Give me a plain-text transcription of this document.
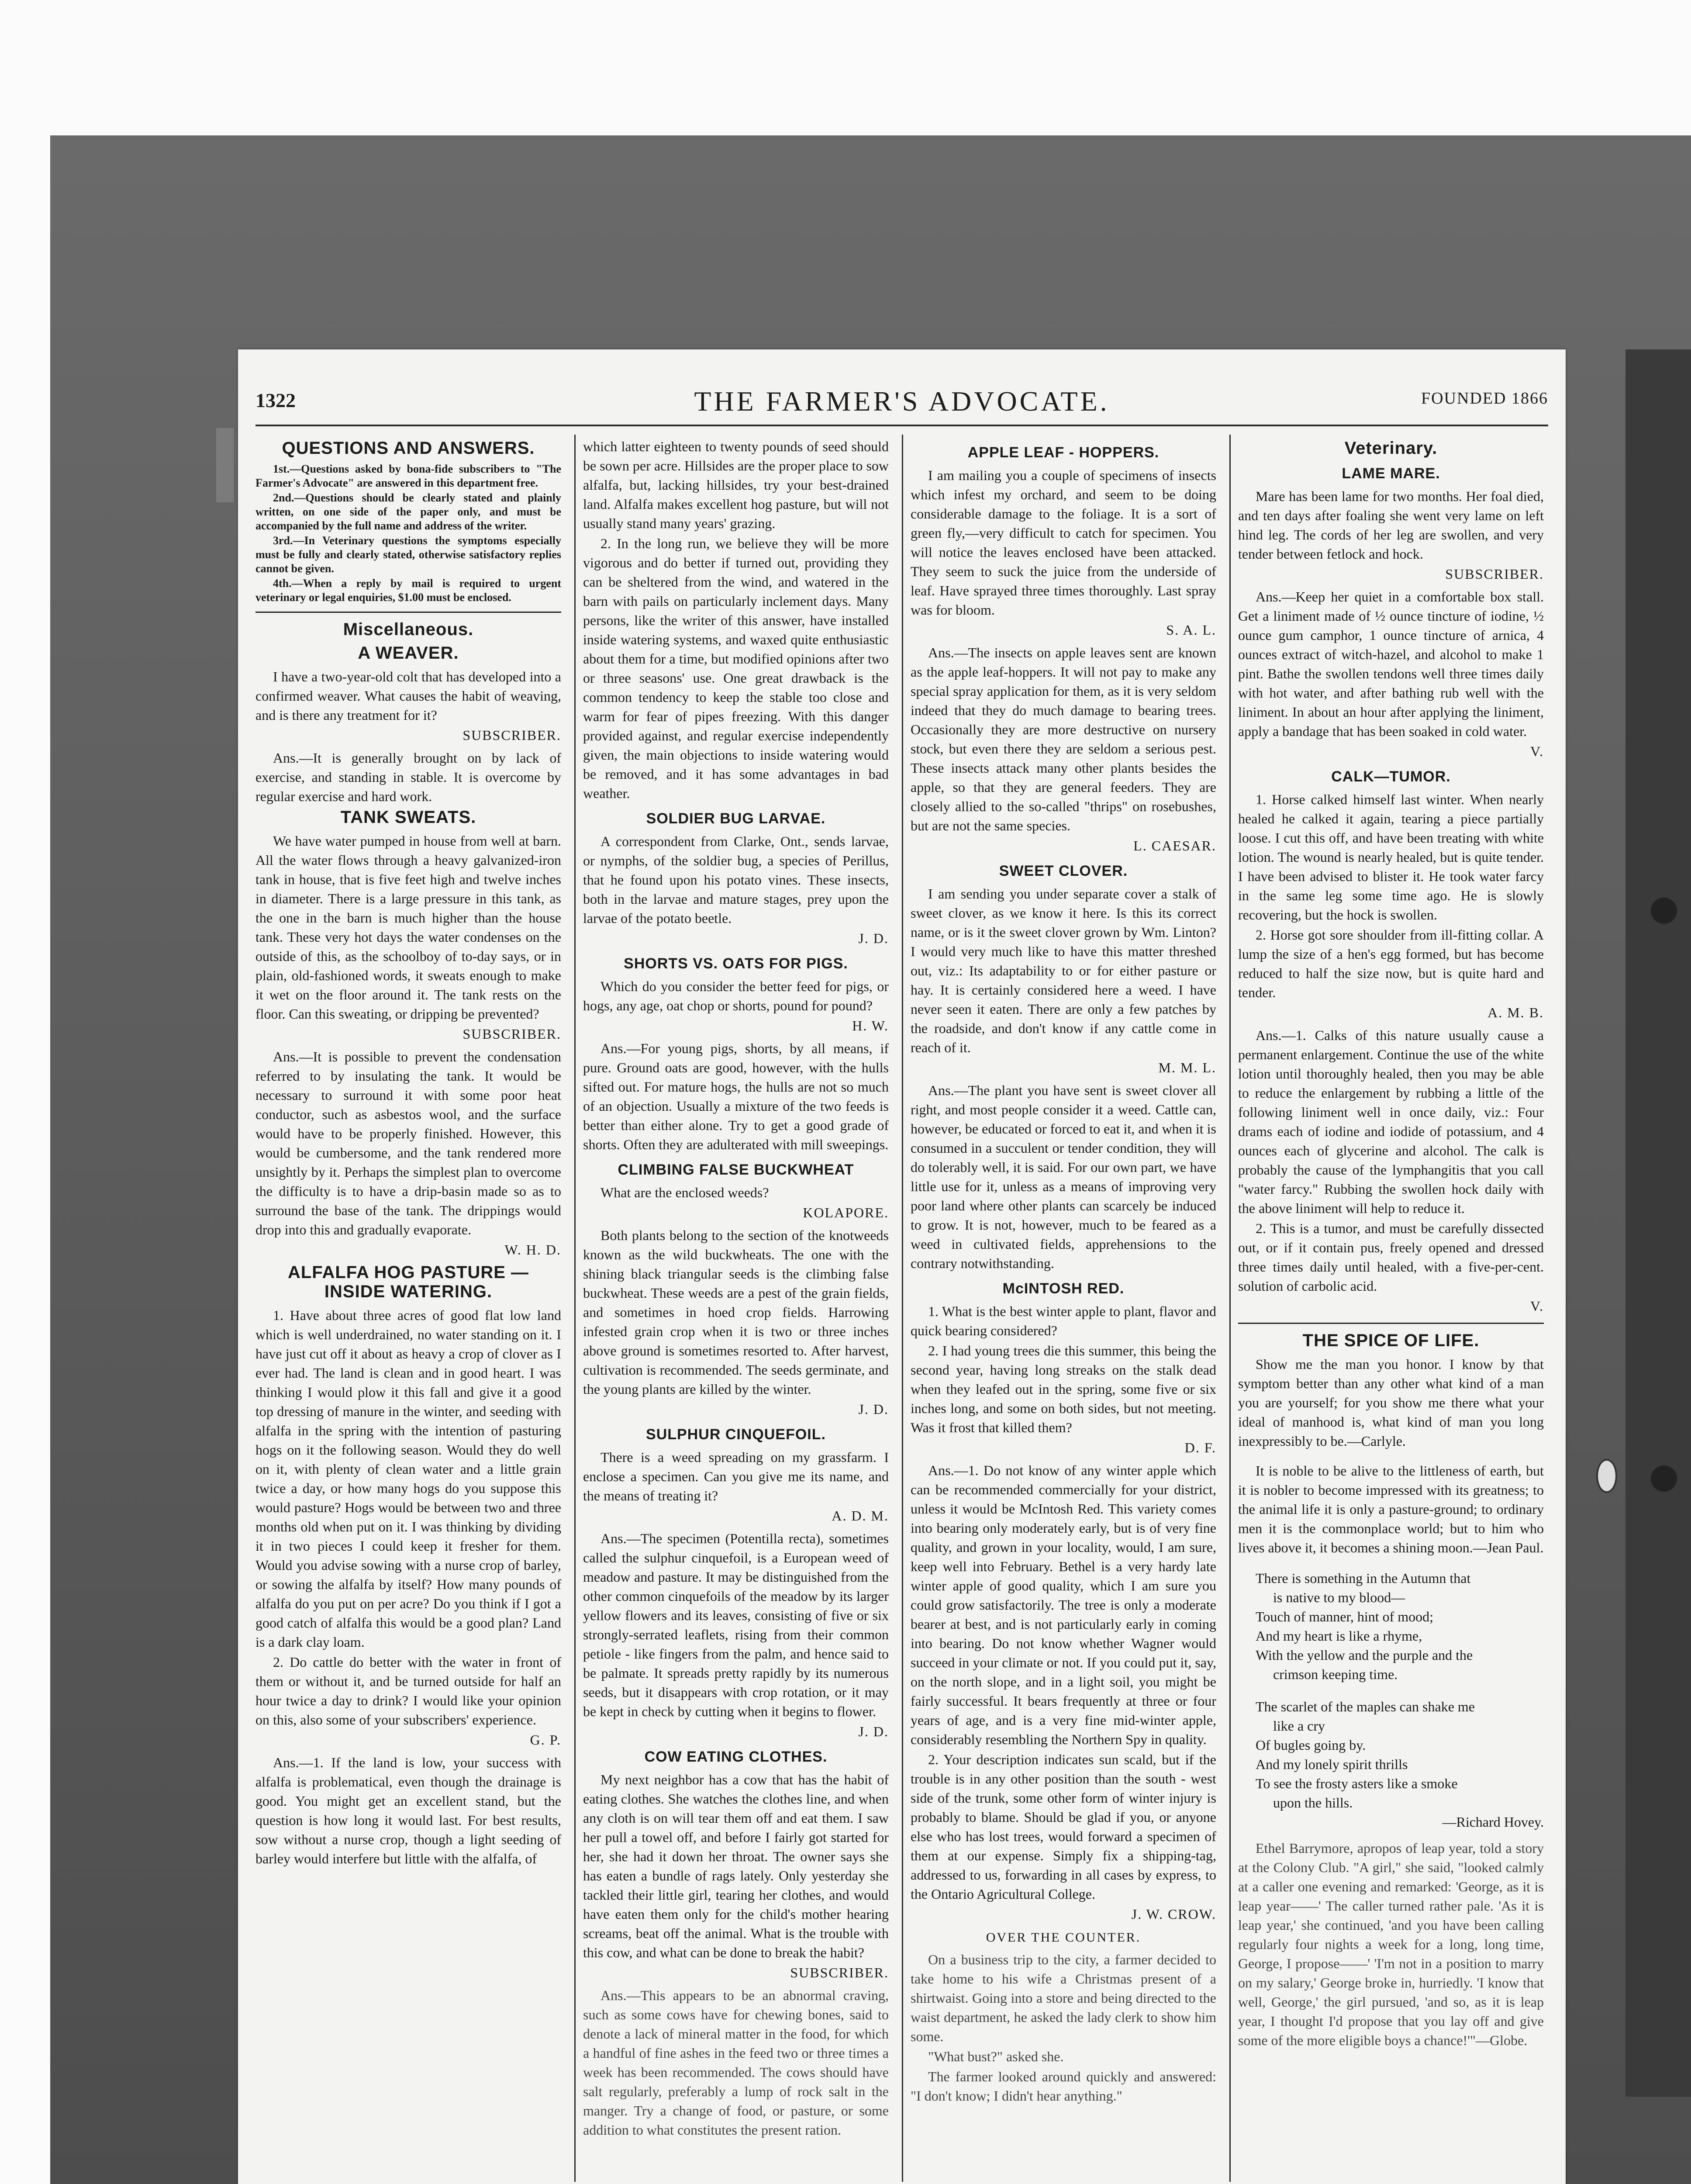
1322	THE FARMER'S ADVOCATE.	FOUNDED 1866
QUESTIONS AND ANSWERS.

1st.—Questions asked by bona-fide subscribers to "The Farmer's Advocate" are answered in this department free.

2nd.—Questions should be clearly stated and plainly written, on one side of the paper only, and must be accompanied by the full name and address of the writer.

3rd.—In Veterinary questions the symptoms especially must be fully and clearly stated, otherwise satisfactory replies cannot be given.

4th.—When a reply by mail is required to urgent veterinary or legal enquiries, $1.00 must be enclosed.

Miscellaneous.
A WEAVER.

I have a two-year-old colt that has developed into a confirmed weaver. What causes the habit of weaving, and is there any treatment for it?

SUBSCRIBER.

Ans.—It is generally brought on by lack of exercise, and standing in stable. It is overcome by regular exercise and hard work.

TANK SWEATS.

We have water pumped in house from well at barn. All the water flows through a heavy galvanized-iron tank in house, that is five feet high and twelve inches in diameter. There is a large pressure in this tank, as the one in the barn is much higher than the house tank. These very hot days the water condenses on the outside of this, as the schoolboy of to-day says, or in plain, old-fashioned words, it sweats enough to make it wet on the floor around it. The tank rests on the floor. Can this sweating, or dripping be prevented?

SUBSCRIBER.

Ans.—It is possible to prevent the condensation referred to by insulating the tank. It would be necessary to surround it with some poor heat conductor, such as asbestos wool, and the surface would have to be properly finished. However, this would be cumbersome, and the tank rendered more unsightly by it. Perhaps the simplest plan to overcome the difficulty is to have a drip-basin made so as to surround the base of the tank. The drippings would drop into this and gradually evaporate.

W. H. D.
ALFALFA HOG PASTURE — INSIDE WATERING.

1. Have about three acres of good flat low land which is well underdrained, no water standing on it. I have just cut off it about as heavy a crop of clover as I ever had. The land is clean and in good heart. I was thinking I would plow it this fall and give it a good top dressing of manure in the winter, and seeding with alfalfa in the spring with the intention of pasturing hogs on it the following season. Would they do well on it, with plenty of clean water and a little grain twice a day, or how many hogs do you suppose this would pasture? Hogs would be between two and three months old when put on it. I was thinking by dividing it in two pieces I could keep it fresher for them. Would you advise sowing with a nurse crop of barley, or sowing the alfalfa by itself? How many pounds of alfalfa do you put on per acre? Do you think if I got a good catch of alfalfa this would be a good plan? Land is a dark clay loam.

2. Do cattle do better with the water in front of them or without it, and be turned outside for half an hour twice a day to drink? I would like your opinion on this, also some of your subscribers' experience.

G. P.

Ans.—1. If the land is low, your success with alfalfa is problematical, even though the drainage is good. You might get an excellent stand, but the question is how long it would last. For best results, sow without a nurse crop, though a light seeding of barley would interfere but little with the alfalfa, of

which latter eighteen to twenty pounds of seed should be sown per acre. Hillsides are the proper place to sow alfalfa, but, lacking hillsides, try your best-drained land. Alfalfa makes excellent hog pasture, but will not usually stand many years' grazing.

2. In the long run, we believe they will be more vigorous and do better if turned out, providing they can be sheltered from the wind, and watered in the barn with pails on particularly inclement days. Many persons, like the writer of this answer, have installed inside watering systems, and waxed quite enthusiastic about them for a time, but modified opinions after two or three seasons' use. One great drawback is the common tendency to keep the stable too close and warm for fear of pipes freezing. With this danger provided against, and regular exercise independently given, the main objections to inside watering would be removed, and it has some advantages in bad weather.

SOLDIER BUG LARVAE.

A correspondent from Clarke, Ont., sends larvae, or nymphs, of the soldier bug, a species of Perillus, that he found upon his potato vines. These insects, both in the larvae and mature stages, prey upon the larvae of the potato beetle.

J. D.
SHORTS VS. OATS FOR PIGS.

Which do you consider the better feed for pigs, or hogs, any age, oat chop or shorts, pound for pound?

H. W.

Ans.—For young pigs, shorts, by all means, if pure. Ground oats are good, however, with the hulls sifted out. For mature hogs, the hulls are not so much of an objection. Usually a mixture of the two feeds is better than either alone. Try to get a good grade of shorts. Often they are adulterated with mill sweepings.

CLIMBING FALSE BUCKWHEAT

What are the enclosed weeds?

KOLAPORE.

Both plants belong to the section of the knotweeds known as the wild buckwheats. The one with the shining black triangular seeds is the climbing false buckwheat. These weeds are a pest of the grain fields, and sometimes in hoed crop fields. Harrowing infested grain crop when it is two or three inches above ground is sometimes resorted to. After harvest, cultivation is recommended. The seeds germinate, and the young plants are killed by the winter.

J. D.
SULPHUR CINQUEFOIL.

There is a weed spreading on my grassfarm. I enclose a specimen. Can you give me its name, and the means of treating it?

A. D. M.

Ans.—The specimen (Potentilla recta), sometimes called the sulphur cinquefoil, is a European weed of meadow and pasture. It may be distinguished from the other common cinquefoils of the meadow by its larger yellow flowers and its leaves, consisting of five or six strongly-serrated leaflets, rising from their common petiole - like fingers from the palm, and hence said to be palmate. It spreads pretty rapidly by its numerous seeds, but it disappears with crop rotation, or it may be kept in check by cutting when it begins to flower.

J. D.
COW EATING CLOTHES.

My next neighbor has a cow that has the habit of eating clothes. She watches the clothes line, and when any cloth is on will tear them off and eat them. I saw her pull a towel off, and before I fairly got started for her, she had it down her throat. The owner says she has eaten a bundle of rags lately. Only yesterday she tackled their little girl, tearing her clothes, and would have eaten them only for the child's mother hearing screams, beat off the animal. What is the trouble with this cow, and what can be done to break the habit?

SUBSCRIBER.

Ans.—This appears to be an abnormal craving, such as some cows have for chewing bones, said to denote a lack of mineral matter in the food, for which a handful of fine ashes in the feed two or three times a week has been recommended. The cows should have salt regularly, preferably a lump of rock salt in the manger. Try a change of food, or pasture, or some addition to what constitutes the present ration.

APPLE LEAF - HOPPERS.

I am mailing you a couple of specimens of insects which infest my orchard, and seem to be doing considerable damage to the foliage. It is a sort of green fly,—very difficult to catch for specimen. You will notice the leaves enclosed have been attacked. They seem to suck the juice from the underside of leaf. Have sprayed three times thoroughly. Last spray was for bloom.

S. A. L.

Ans.—The insects on apple leaves sent are known as the apple leaf-hoppers. It will not pay to make any special spray application for them, as it is very seldom indeed that they do much damage to bearing trees. Occasionally they are more destructive on nursery stock, but even there they are seldom a serious pest. These insects attack many other plants besides the apple, so that they are general feeders. They are closely allied to the so-called "thrips" on rosebushes, but are not the same species.

L. CAESAR.
SWEET CLOVER.

I am sending you under separate cover a stalk of sweet clover, as we know it here. Is this its correct name, or is it the sweet clover grown by Wm. Linton? I would very much like to have this matter threshed out, viz.: Its adaptability to or for either pasture or hay. It is certainly considered here a weed. I have never seen it eaten. There are only a few patches by the roadside, and don't know if any cattle come in reach of it.

M. M. L.

Ans.—The plant you have sent is sweet clover all right, and most people consider it a weed. Cattle can, however, be educated or forced to eat it, and when it is consumed in a succulent or tender condition, they will do tolerably well, it is said. For our own part, we have little use for it, unless as a means of improving very poor land where other plants can scarcely be induced to grow. It is not, however, much to be feared as a weed in cultivated fields, apprehensions to the contrary notwithstanding.

McINTOSH RED.

1. What is the best winter apple to plant, flavor and quick bearing considered?

2. I had young trees die this summer, this being the second year, having long streaks on the stalk dead when they leafed out in the spring, some five or six inches long, and some on both sides, but not meeting. Was it frost that killed them?

D. F.

Ans.—1. Do not know of any winter apple which can be recommended commercially for your district, unless it would be McIntosh Red. This variety comes into bearing only moderately early, but is of very fine quality, and grown in your locality, would, I am sure, keep well into February. Bethel is a very hardy late winter apple of good quality, which I am sure you could grow satisfactorily. The tree is only a moderate bearer at best, and is not particularly early in coming into bearing. Do not know whether Wagner would succeed in your climate or not. If you could put it, say, on the north slope, and in a light soil, you might be fairly successful. It bears frequently at three or four years of age, and is a very fine mid-winter apple, considerably resembling the Northern Spy in quality.

2. Your description indicates sun scald, but if the trouble is in any other position than the south - west side of the trunk, some other form of winter injury is probably to blame. Should be glad if you, or anyone else who has lost trees, would forward a specimen of them at our expense. Simply fix a shipping-tag, addressed to us, forwarding in all cases by express, to the Ontario Agricultural College.

J. W. CROW.
OVER THE COUNTER.

On a business trip to the city, a farmer decided to take home to his wife a Christmas present of a shirtwaist. Going into a store and being directed to the waist department, he asked the lady clerk to show him some.

"What bust?" asked she.

The farmer looked around quickly and answered: "I don't know; I didn't hear anything."

Veterinary.
LAME MARE.

Mare has been lame for two months. Her foal died, and ten days after foaling she went very lame on left hind leg. The cords of her leg are swollen, and very tender between fetlock and hock.

SUBSCRIBER.

Ans.—Keep her quiet in a comfortable box stall. Get a liniment made of ½ ounce tincture of iodine, ½ ounce gum camphor, 1 ounce tincture of arnica, 4 ounces extract of witch-hazel, and alcohol to make 1 pint. Bathe the swollen tendons well three times daily with hot water, and after bathing rub well with the liniment. In about an hour after applying the liniment, apply a bandage that has been soaked in cold water.

V.
CALK—TUMOR.

1. Horse calked himself last winter. When nearly healed he calked it again, tearing a piece partially loose. I cut this off, and have been treating with white lotion. The wound is nearly healed, but is quite tender. I have been advised to blister it. He took water farcy in the same leg some time ago. He is slowly recovering, but the hock is swollen.

2. Horse got sore shoulder from ill-fitting collar. A lump the size of a hen's egg formed, but has become reduced to half the size now, but is quite hard and tender.

A. M. B.

Ans.—1. Calks of this nature usually cause a permanent enlargement. Continue the use of the white lotion until thoroughly healed, then you may be able to reduce the enlargement by rubbing a little of the following liniment well in once daily, viz.: Four drams each of iodine and iodide of potassium, and 4 ounces each of glycerine and alcohol. The calk is probably the cause of the lymphangitis that you call "water farcy." Rubbing the swollen hock daily with the above liniment will help to reduce it.

2. This is a tumor, and must be carefully dissected out, or if it contain pus, freely opened and dressed three times daily until healed, with a five-per-cent. solution of carbolic acid.

V.
THE SPICE OF LIFE.

Show me the man you honor. I know by that symptom better than any other what kind of a man you are yourself; for you show me there what your ideal of manhood is, what kind of man you long inexpressibly to be.—Carlyle.

It is noble to be alive to the littleness of earth, but it is nobler to become impressed with its greatness; to the animal life it is only a pasture-ground; to ordinary men it is the commonplace world; but to him who lives above it, it becomes a shining moon.—Jean Paul.

There is something in the Autumn that
is native to my blood—
Touch of manner, hint of mood;
And my heart is like a rhyme,
With the yellow and the purple and the
crimson keeping time.
The scarlet of the maples can shake me
like a cry
Of bugles going by.
And my lonely spirit thrills
To see the frosty asters like a smoke
upon the hills.
—Richard Hovey.

Ethel Barrymore, apropos of leap year, told a story at the Colony Club. "A girl," she said, "looked calmly at a caller one evening and remarked: 'George, as it is leap year——' The caller turned rather pale. 'As it is leap year,' she continued, 'and you have been calling regularly four nights a week for a long, long time, George, I propose——' 'I'm not in a position to marry on my salary,' George broke in, hurriedly. 'I know that well, George,' the girl pursued, 'and so, as it is leap year, I thought I'd propose that you lay off and give some of the more eligible boys a chance!'"—Globe.
